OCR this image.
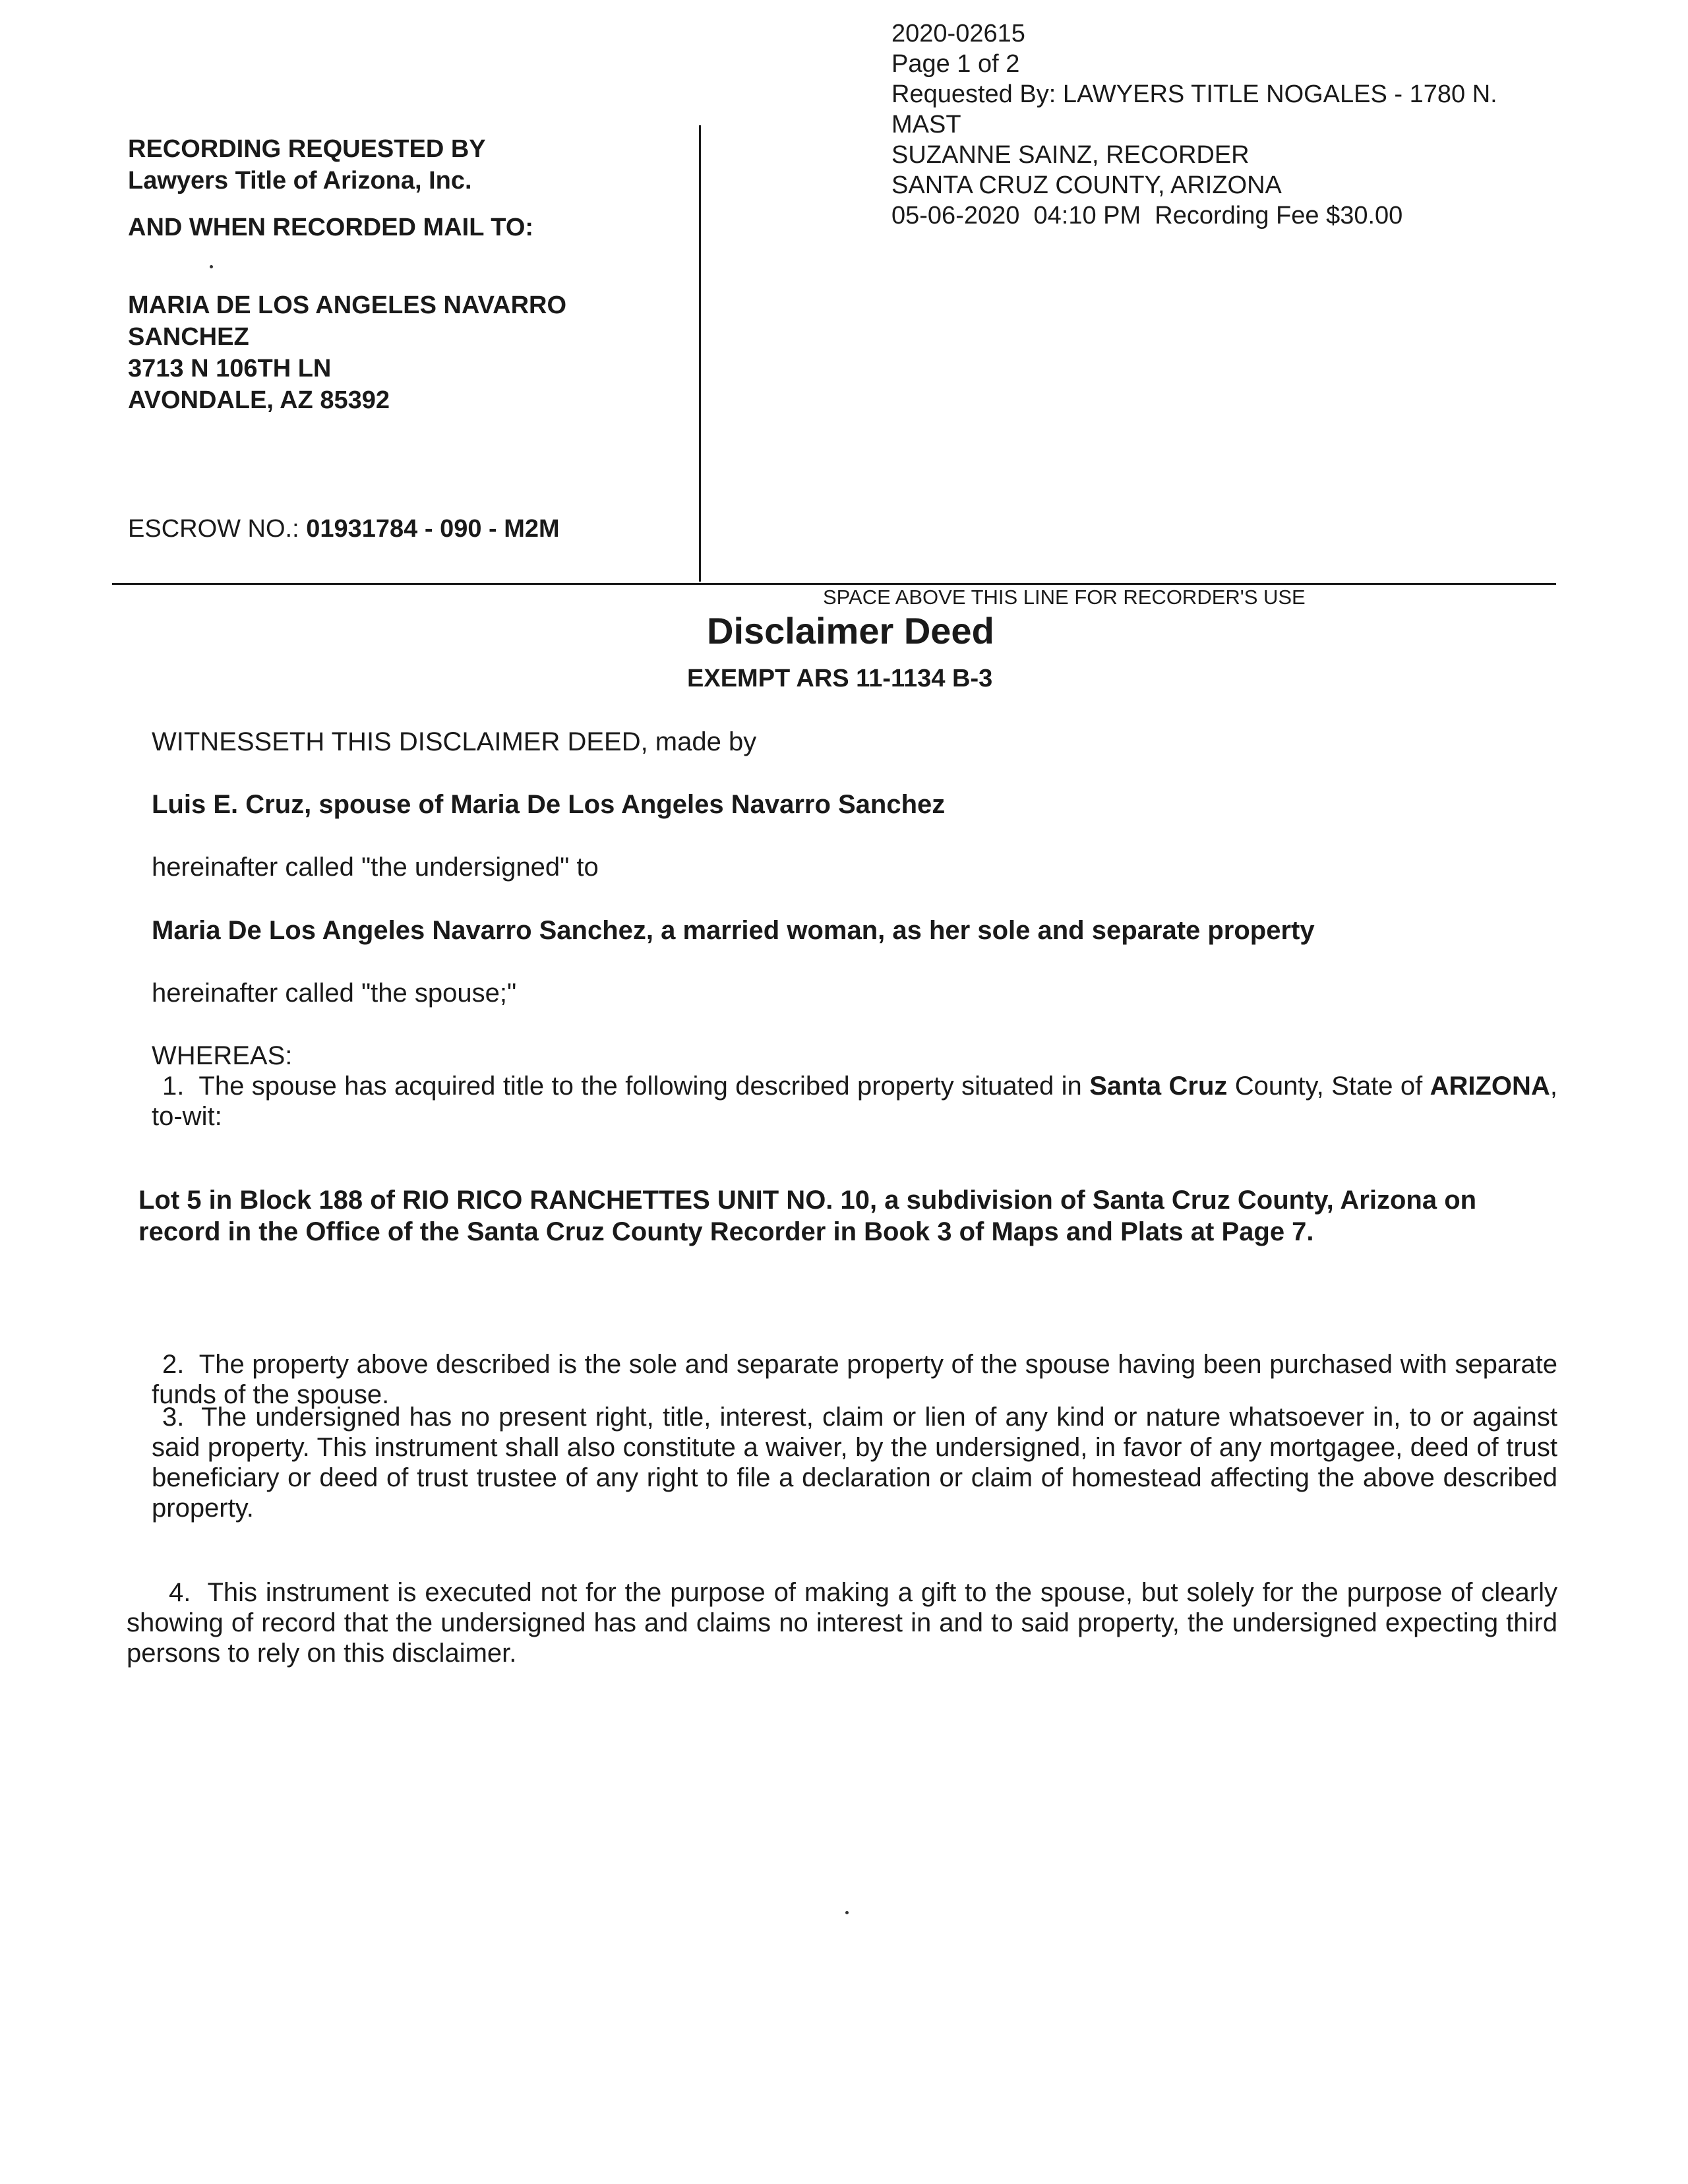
2020-02615
Page 1 of 2
Requested By: LAWYERS TITLE NOGALES - 1780 N.
MAST
SUZANNE SAINZ, RECORDER
SANTA CRUZ COUNTY, ARIZONA
05-06-2020  04:10 PM Recording Fee $30.00
RECORDING REQUESTED BY
Lawyers Title of Arizona, Inc.
AND WHEN RECORDED MAIL TO:
MARIA DE LOS ANGELES NAVARRO
SANCHEZ
3713 N 106TH LN
AVONDALE, AZ 85392
ESCROW NO.: 01931784 - 090 - M2M
SPACE ABOVE THIS LINE FOR RECORDER'S USE
Disclaimer Deed
EXEMPT ARS 11-1134 B-3
WITNESSETH THIS DISCLAIMER DEED, made by
Luis E. Cruz, spouse of Maria De Los Angeles Navarro Sanchez
hereinafter called "the undersigned" to
Maria De Los Angeles Navarro Sanchez, a married woman, as her sole and separate property
hereinafter called "the spouse;"
WHEREAS:
1. The spouse has acquired title to the following described property situated in Santa Cruz County, State of ARIZONA, to-wit:
Lot 5 in Block 188 of RIO RICO RANCHETTES UNIT NO. 10, a subdivision of Santa Cruz County, Arizona on record in the Office of the Santa Cruz County Recorder in Book 3 of Maps and Plats at Page 7.
2. The property above described is the sole and separate property of the spouse having been purchased with separate funds of the spouse.
3. The undersigned has no present right, title, interest, claim or lien of any kind or nature whatsoever in, to or against said property. This instrument shall also constitute a waiver, by the undersigned, in favor of any mortgagee, deed of trust beneficiary or deed of trust trustee of any right to file a declaration or claim of homestead affecting the above described property.
4. This instrument is executed not for the purpose of making a gift to the spouse, but solely for the purpose of clearly showing of record that the undersigned has and claims no interest in and to said property, the undersigned expecting third persons to rely on this disclaimer.
